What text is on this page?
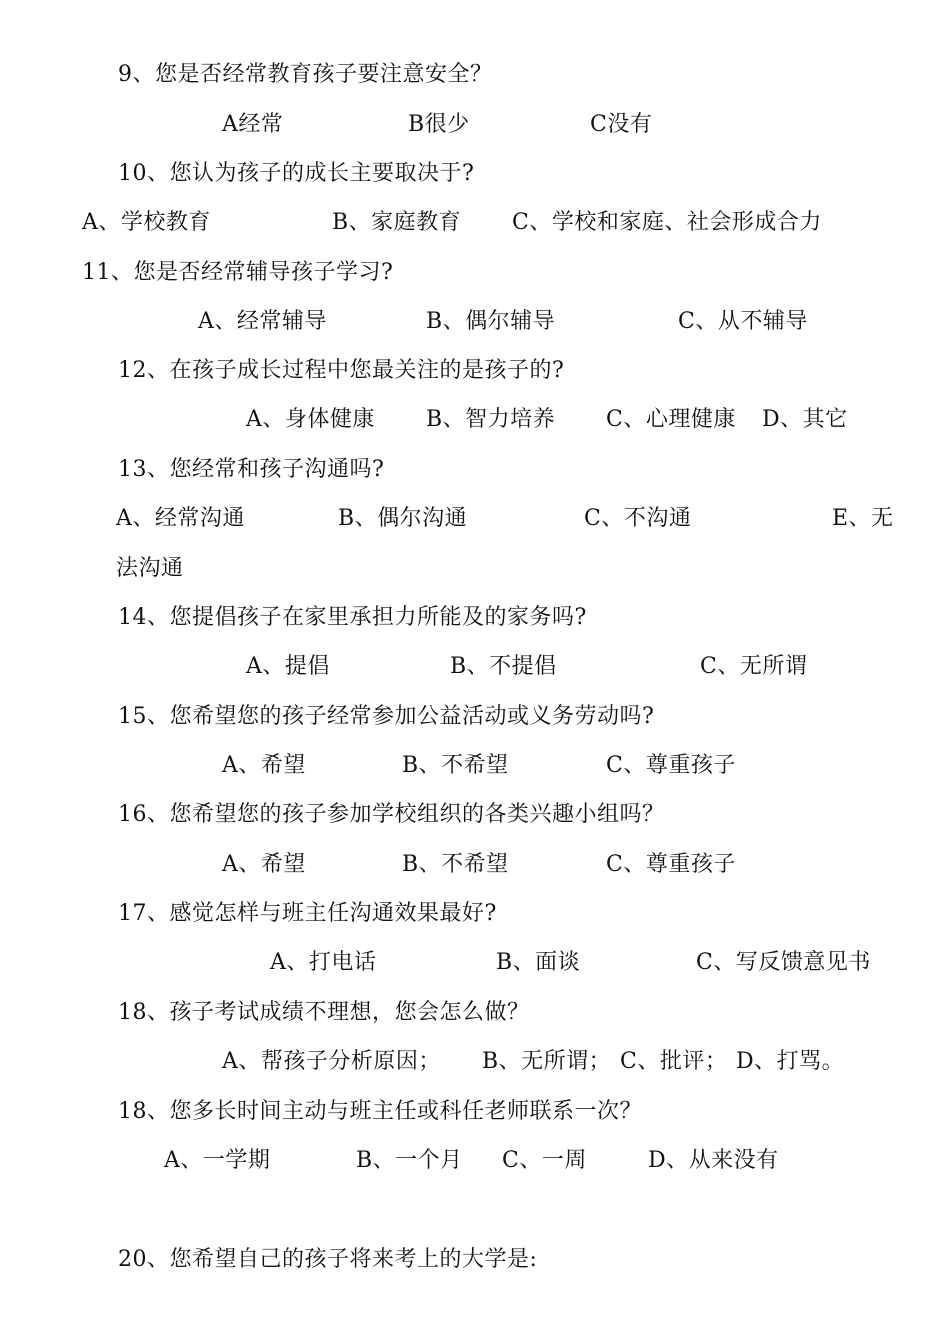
9、您是否经常教育孩子要注意安全？
A经常	B很少	C没有
10、您认为孩子的成长主要取决于?
A、学校教育	B、家庭教育 C、学校和家庭、社会形成合力
11、您是否经常辅导孩子学习?
A、经常辅导	B、偶尔辅导	C、从不辅导
12、在孩子成长过程中您最关注的是孩子的?
A、身体健康 B、智力培养 C、心理健康 D、其它
13、您经常和孩子沟通吗?
A、经常沟通	B、偶尔沟通	C、不沟通	E、无
法沟通
14、您提倡孩子在家里承担力所能及的家务吗?
A、提倡	B、不提倡	C、无所谓
15、您希望您的孩子经常参加公益活动或义务劳动吗?
A、希望	B、不希望	C、尊重孩子
16、您希望您的孩子参加学校组织的各类兴趣小组吗？
A、希望	B、不希望	C、尊重孩子
17、感觉怎样与班主任沟通效果最好?
A、打电话	B、面谈	C、写反馈意见书
18、孩子考试成绩不理想，您会怎么做？
A、帮孩子分析原因； B、无所谓； C、批评； D、打骂。
18、您多长时间主动与班主任或科任老师联系一次？
A、一学期	B、一个月 C、一周	D、从来没有
20、您希望自己的孩子将来考上的大学是:
